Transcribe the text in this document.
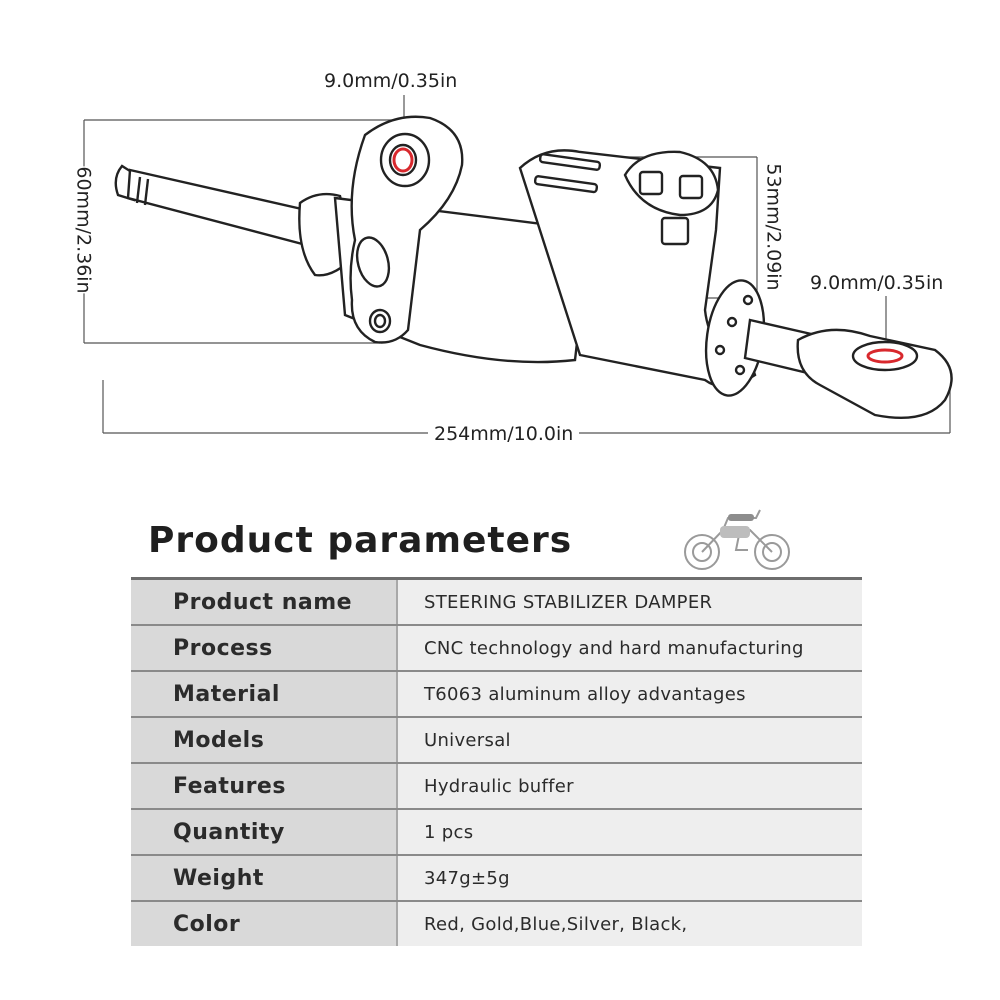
9.0mm/0.35in
9.0mm/0.35in
60mm/2.36in	53mm/2.09in
254mm/10.0in
Product parameters
Product name	STEERING STABILIZER DAMPER
Process	CNC technology and hard manufacturing
Material	T6063 aluminum alloy advantages
Models	Universal
Features	Hydraulic buffer
Quantity	1 pcs
Weight	347g±5g
Color	Red, Gold,Blue,Silver, Black,
